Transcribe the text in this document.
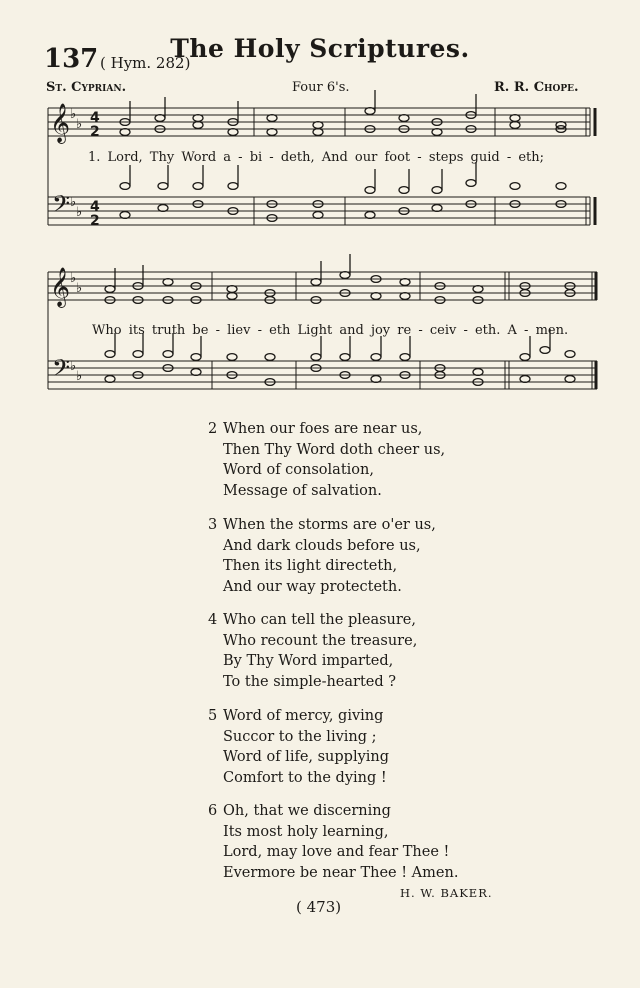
137 ( Hym. 282)
The Holy Scriptures.
St. Cyprian.	Four 6's.	R. R. Chope.
𝄞
𝄢
𝄞
𝄢
♭
♭
♭
♭
♭
♭
♭
♭
4
2
4
2
1. Lord, Thy Word a - bi - deth, And our foot - steps guid - eth;
Who its truth be - liev - eth Light and joy re - ceiv - eth. A - men.
2 When our foes are near us,
Then Thy Word doth cheer us,
Word of consolation,
Message of salvation.
3 When the storms are o'er us,
And dark clouds before us,
Then its light directeth,
And our way protecteth.
4 Who can tell the pleasure,
Who recount the treasure,
By Thy Word imparted,
To the simple-hearted ?
5 Word of mercy, giving
Succor to the living ;
Word of life, supplying
Comfort to the dying !
6 Oh, that we discerning
Its most holy learning,
Lord, may love and fear Thee !
Evermore be near Thee ! Amen.
H. W. BAKER.
( 473)
